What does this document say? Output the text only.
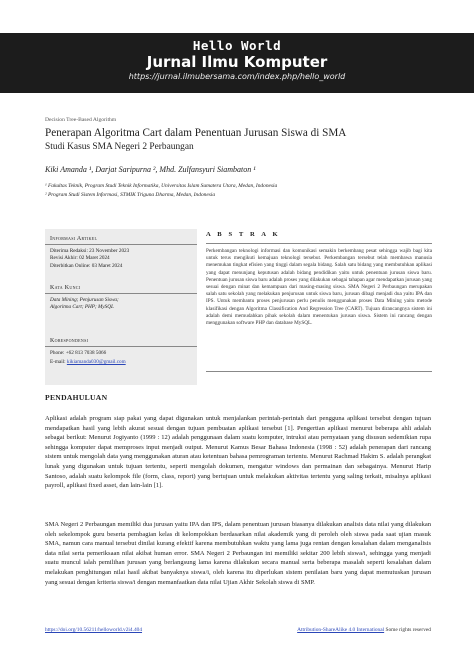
Hello World
Jurnal Ilmu Komputer
https://jurnal.ilmubersama.com/index.php/hello_world
Decision Tree-Based Algorithm
Penerapan Algoritma Cart dalam Penentuan Jurusan Siswa di SMA
Studi Kasus SMA Negeri 2 Perbaungan
Kiki Amanda ¹, Darjat Saripurna ², Mhd. Zulfansyuri Siambaton ¹
¹ Fakultas Teknik, Program Studi Teknik Informatika, Universitas Islam Sumatera Utara, Medan, Indonesia
² Program Studi Sistem Informasi, STMIK Triguna Dharma, Medan, Indonesia
Informasi Artikel
Diterima Redaksi: 23 November 2023
Revisi Akhir: 02 Maret 2024
Diterbitkan Online: 03 Maret 2024
Kata Kunci
Data Mining; Penjurusan Siswa;
Algoritma Cart; PHP; MySQL
Korespondensi
Phone: +62 813 7038 5066
E-mail: kikiamanda030@gmail.com
A B S T R A K
Perkembangan teknologi informasi dan komunikasi semakin berkembang pesat sehingga wajib bagi kita untuk terus mengikuti kemajuan teknologi tersebut. Perkembangan tersebut telah membawa manusia menemukan tingkat efisien yang tinggi dalam segala bidang. Salah satu bidang yang membutuhkan aplikasi yang dapat menunjang keputusan adalah bidang pendidikan yaitu untuk penentuan jurusan siswa baru. Penentuan jurusan siswa baru adalah proses yang dilakukan sebagai tahapan agar mendapatkan jurusan yang sesuai dengan minat dan kemampuan dari masing-masing siswa. SMA Negeri 2 Perbaungan merupakan salah satu sekolah yang melakukan penjurusan untuk siswa baru, jurusan dibagi menjadi dua yaitu IPA dan IPS. Untuk membantu proses penjurusan perlu penulis menggunakan proses Data Mining yaitu metode klasifikasi dengan Algoritma Classification And Regression Tree (CART). Tujuan dirancangnya sistem ini adalah demi memudahkan pihak sekolah dalam menentukan jurusan siswa. Sistem ini rancang dengan menggunakan software PHP dan database MySQL.
PENDAHULUAN
Aplikasi adalah program siap pakai yang dapat digunakan untuk menjalankan perintah-perintah dari pengguna aplikasi tersebut dengan tujuan mendapatkan hasil yang lebih akurat sesuai dengan tujuan pembuatan aplikasi tersebut [1]. Pengertian aplikasi menurut beberapa ahli adalah sebagai berikut: Menurut Jogiyanto (1999 : 12) adalah penggunaan dalam suatu komputer, intruksi atau pernyataan yang disusun sedemikian rupa sehingga komputer dapat memproses input menjadi output. Menurut Kamus Besar Bahasa Indonesia (1998 : 52) adalah penerapan dari rancang sistem untuk mengolah data yang menggunakan aturan atau ketentuan bahasa pemrograman tertentu. Menurut Rachmad Hakim S. adalah perangkat lunak yang digunakan untuk tujuan tertentu, seperti mengolah dokumen, mengatur windows dan permainan dan sebagainya. Menurut Harip Santoso, adalah suatu kelompok file (form, class, report) yang bertujuan untuk melakukan aktivitas tertentu yang saling terkait, misalnya aplikasi payroll, aplikasi fixed asset, dan lain-lain [1].
SMA Negeri 2 Perbaungan memiliki dua jurusan yaitu IPA dan IPS, dalam penentuan jurusan biasanya dilakukan analisis data nilai yang dilakukan oleh sekelompok guru beserta pembagian kelas di kelompokkan berdasarkan nilai akademik yang di peroleh oleh siswa pada saat ujian masuk SMA, namun cara manual tersebut dinilai kurang efektif karena membutuhkan waktu yang lama juga rentan dengan kesalahan dalam menganalisis data nilai serta pemeriksaan nilai akibat human error. SMA Negeri 2 Perbaungan ini memiliki sekitar 200 lebih siswa/i, sehingga yang menjadi suatu muncul ialah pemilihan jurusan yang berlangsung lama karena dilakukan secara manual serta beberapa masalah seperti kesalahan dalam melakukan penghitungan nilai hasil akibat banyaknya siswa/i, oleh karena itu diperlukan sistem penilaian baru yang dapat memutuskan jurusan yang sesuai dengan kriteria siswa/i dengan memanfaatkan data nilai Ujian Akhir Sekolah siswa di SMP.
https://doi.org/10.56211/helloworld.v2i4.404	Attribution-ShareAlike 4.0 International Some rights reserved
